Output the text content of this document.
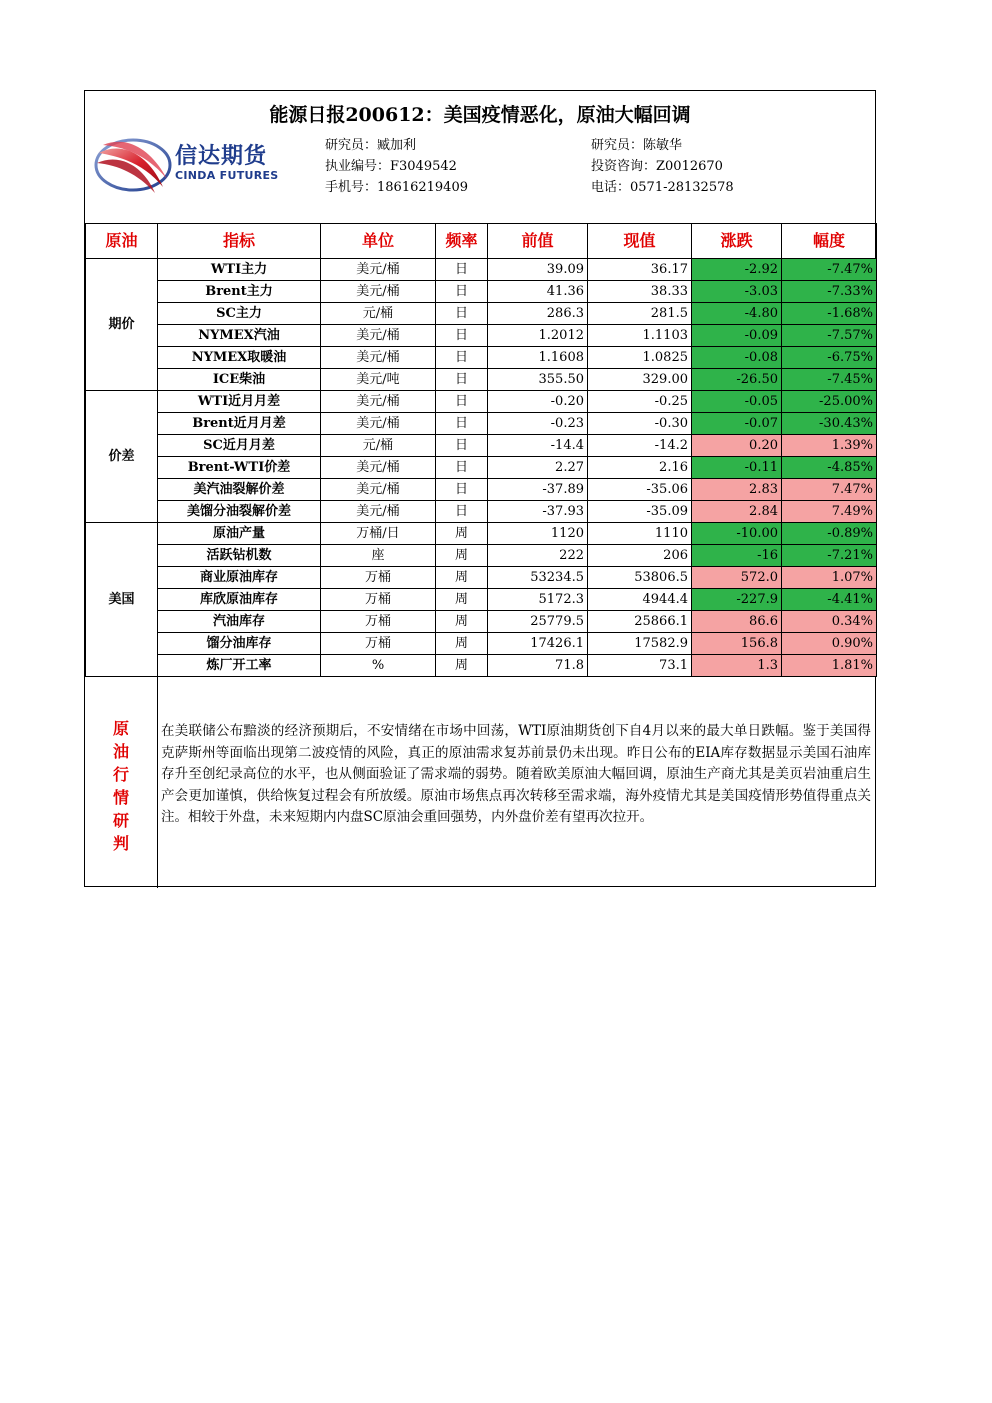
能源日报200612：美国疫情恶化，原油大幅回调
信达期货
CINDA FUTURES
研究员：臧加利
执业编号：F3049542
手机号：18616219409
研究员：陈敏华
投资咨询：Z0012670
电话：0571-28132578
原油	指标	单位	频率	前值	现值	涨跌	幅度
期价	WTI主力	美元/桶	日	39.09	36.17	-2.92	-7.47%
	Brent主力	美元/桶	日	41.36	38.33	-3.03	-7.33%
	SC主力	元/桶	日	286.3	281.5	-4.80	-1.68%
	NYMEX汽油	美元/桶	日	1.2012	1.1103	-0.09	-7.57%
	NYMEX取暖油	美元/桶	日	1.1608	1.0825	-0.08	-6.75%
	ICE柴油	美元/吨	日	355.50	329.00	-26.50	-7.45%
价差	WTI近月月差	美元/桶	日	-0.20	-0.25	-0.05	-25.00%
	Brent近月月差	美元/桶	日	-0.23	-0.30	-0.07	-30.43%
	SC近月月差	元/桶	日	-14.4	-14.2	0.20	1.39%
	Brent-WTI价差	美元/桶	日	2.27	2.16	-0.11	-4.85%
	美汽油裂解价差	美元/桶	日	-37.89	-35.06	2.83	7.47%
	美馏分油裂解价差	美元/桶	日	-37.93	-35.09	2.84	7.49%
美国	原油产量	万桶/日	周	1120	1110	-10.00	-0.89%
	活跃钻机数	座	周	222	206	-16	-7.21%
	商业原油库存	万桶	周	53234.5	53806.5	572.0	1.07%
	库欣原油库存	万桶	周	5172.3	4944.4	-227.9	-4.41%
	汽油库存	万桶	周	25779.5	25866.1	86.6	0.34%
	馏分油库存	万桶	周	17426.1	17582.9	156.8	0.90%
	炼厂开工率	%	周	71.8	73.1	1.3	1.81%
原油行情研判
在美联储公布黯淡的经济预期后，不安情绪在市场中回荡，WTI原油期货创下自4月以来的最大单日跌幅。鉴于美国得克萨斯州等面临出现第二波疫情的风险，真正的原油需求复苏前景仍未出现。昨日公布的EIA库存数据显示美国石油库存升至创纪录高位的水平，也从侧面验证了需求端的弱势。随着欧美原油大幅回调，原油生产商尤其是美页岩油重启生产会更加谨慎，供给恢复过程会有所放缓。原油市场焦点再次转移至需求端，海外疫情尤其是美国疫情形势值得重点关注。相较于外盘，未来短期内内盘SC原油会重回强势，内外盘价差有望再次拉开。
